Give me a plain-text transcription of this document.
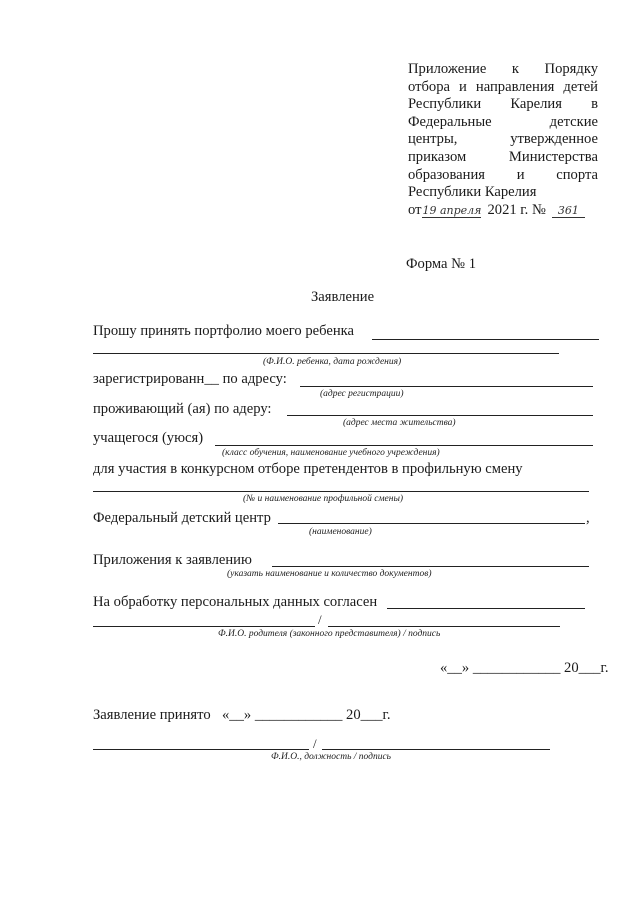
Приложение к Порядку
отбора и направления детей
Республики Карелия в
Федеральные	детские
центры,	утвержденное
приказом	Министерства
образования и спорта
Республики Карелия
от 19 апреля 2021 г. №	361
Форма № 1
Заявление
Прошу принять портфолио моего ребенка
(Ф.И.О. ребенка, дата рождения)
зарегистрированн__ по адресу:
(адрес регистрации)
проживающий (ая) по адеру:
(адрес места жительства)
учащегося (уюся)
(класс обучения, наименование учебного учреждения)
для участия в конкурсном отборе претендентов в профильную смену
(№ и наименование профильной смены)
Федеральный детский центр	,
(наименование)
Приложения к заявлению
(указать наименование и количество документов)
На обработку персональных данных согласен
/
Ф.И.О. родителя (законного представителя) / подпись
«__» ____________ 20___г.
Заявление принято «__» ____________ 20___г.
/
Ф.И.О., должность / подпись
